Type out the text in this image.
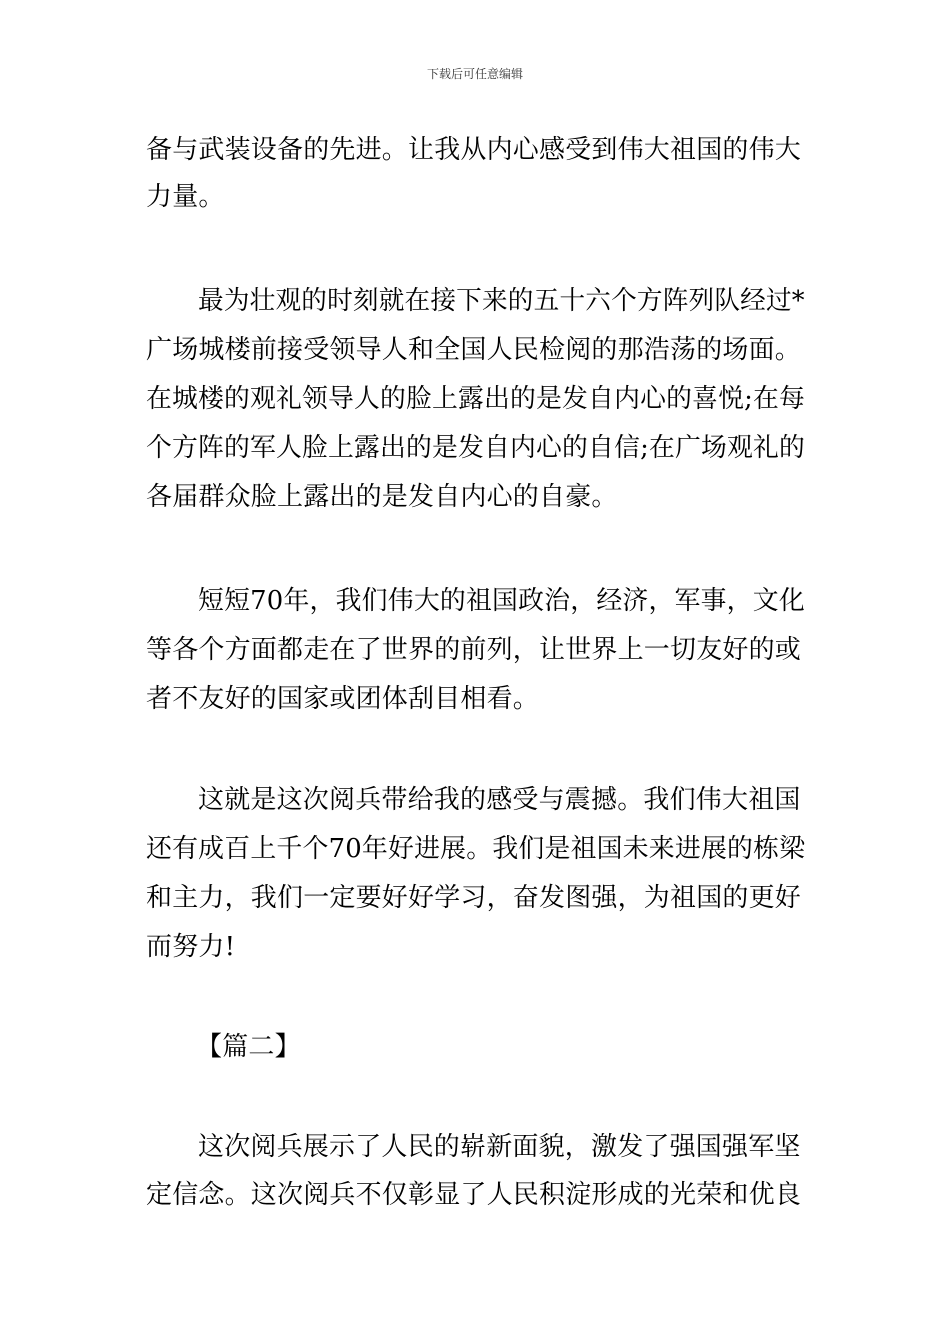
下载后可任意编辑
备与武装设备的先进。让我从内心感受到伟大祖国的伟大
力量。
最为壮观的时刻就在接下来的五十六个方阵列队经过*
广场城楼前接受领导人和全国人民检阅的那浩荡的场面。
在城楼的观礼领导人的脸上露出的是发自内心的喜悦;在每
个方阵的军人脸上露出的是发自内心的自信;在广场观礼的
各届群众脸上露出的是发自内心的自豪。
短短70年，我们伟大的祖国政治，经济，军事，文化
等各个方面都走在了世界的前列，让世界上一切友好的或
者不友好的国家或团体刮目相看。
这就是这次阅兵带给我的感受与震撼。我们伟大祖国
还有成百上千个70年好进展。我们是祖国未来进展的栋梁
和主力，我们一定要好好学习，奋发图强，为祖国的更好
而努力!
【篇二】
这次阅兵展示了人民的崭新面貌，激发了强国强军坚
定信念。这次阅兵不仅彰显了人民积淀形成的光荣和优良
